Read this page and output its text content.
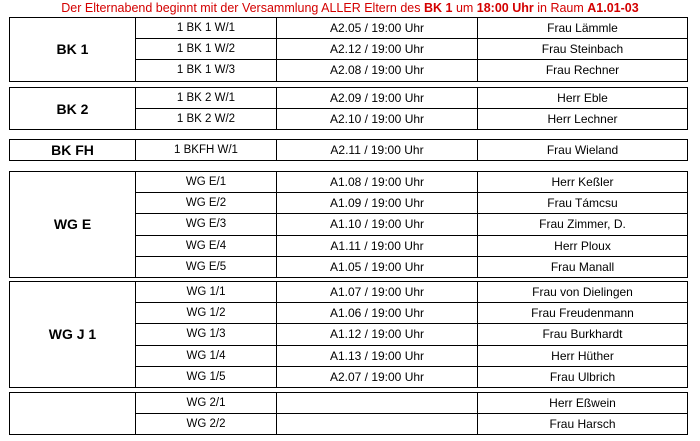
Der Elternabend beginnt mit der Versammlung ALLER Eltern des BK 1 um 18:00 Uhr in Raum A1.01-03
BK 1	1 BK 1 W/1	A2.05 / 19:00 Uhr	Frau Lämmle
	1 BK 1 W/2	A2.12 / 19:00 Uhr	Frau Steinbach
	1 BK 1 W/3	A2.08 / 19:00 Uhr	Frau Rechner
BK 2	1 BK 2 W/1	A2.09 / 19:00 Uhr	Herr Eble
	1 BK 2 W/2	A2.10 / 19:00 Uhr	Herr Lechner
BK FH	1 BKFH W/1	A2.11 / 19:00 Uhr	Frau Wieland
WG E	WG E/1	A1.08 / 19:00 Uhr	Herr Keßler
	WG E/2	A1.09 / 19:00 Uhr	Frau Támcsu
	WG E/3	A1.10 / 19:00 Uhr	Frau Zimmer, D.
	WG E/4	A1.11 / 19:00 Uhr	Herr Ploux
	WG E/5	A1.05 / 19:00 Uhr	Frau Manall
WG J 1	WG 1/1	A1.07 / 19:00 Uhr	Frau von Dielingen
	WG 1/2	A1.06 / 19:00 Uhr	Frau Freudenmann
	WG 1/3	A1.12 / 19:00 Uhr	Frau Burkhardt
	WG 1/4	A1.13 / 19:00 Uhr	Herr Hüther
	WG 1/5	A2.07 / 19:00 Uhr	Frau Ulbrich
	WG 2/1		Herr Eßwein
	WG 2/2		Frau Harsch
